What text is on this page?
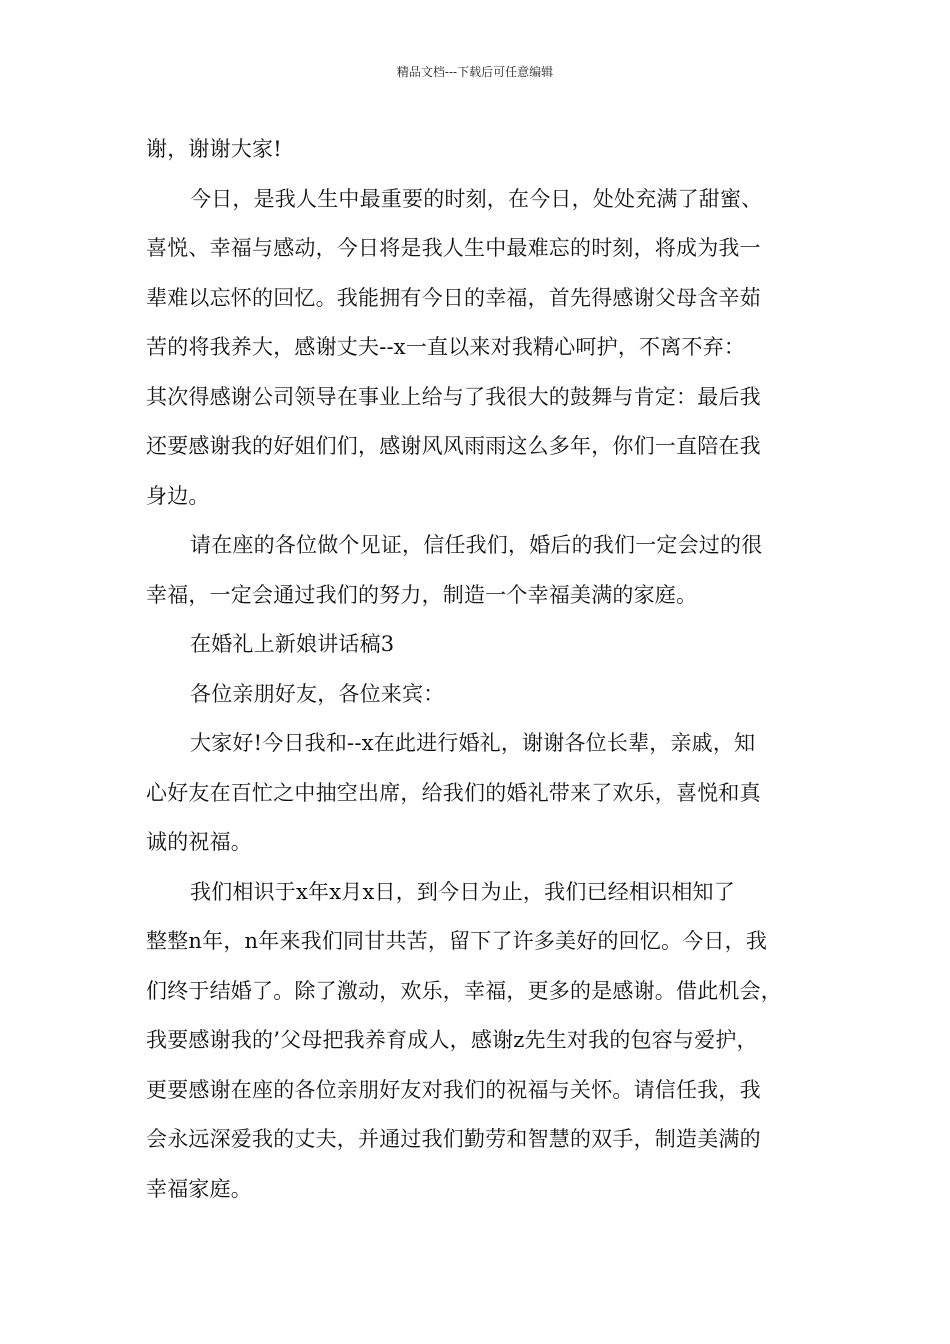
精品文档---下载后可任意编辑
谢，谢谢大家!
今日，是我人生中最重要的时刻，在今日，处处充满了甜蜜、
喜悦、幸福与感动，今日将是我人生中最难忘的时刻，将成为我一
辈难以忘怀的回忆。我能拥有今日的幸福，首先得感谢父母含辛茹
苦的将我养大，感谢丈夫--x一直以来对我精心呵护，不离不弃：
其次得感谢公司领导在事业上给与了我很大的鼓舞与肯定：最后我
还要感谢我的好姐们们，感谢风风雨雨这么多年，你们一直陪在我
身边。
请在座的各位做个见证，信任我们，婚后的我们一定会过的很
幸福，一定会通过我们的努力，制造一个幸福美满的家庭。
在婚礼上新娘讲话稿3
各位亲朋好友，各位来宾：
大家好!今日我和--x在此进行婚礼，谢谢各位长辈，亲戚，知
心好友在百忙之中抽空出席，给我们的婚礼带来了欢乐，喜悦和真
诚的祝福。
我们相识于x年x月x日，到今日为止，我们已经相识相知了
整整n年，n年来我们同甘共苦，留下了许多美好的回忆。今日，我
们终于结婚了。除了激动，欢乐，幸福，更多的是感谢。借此机会，
我要感谢我的’父母把我养育成人，感谢z先生对我的包容与爱护，
更要感谢在座的各位亲朋好友对我们的祝福与关怀。请信任我，我
会永远深爱我的丈夫，并通过我们勤劳和智慧的双手，制造美满的
幸福家庭。
